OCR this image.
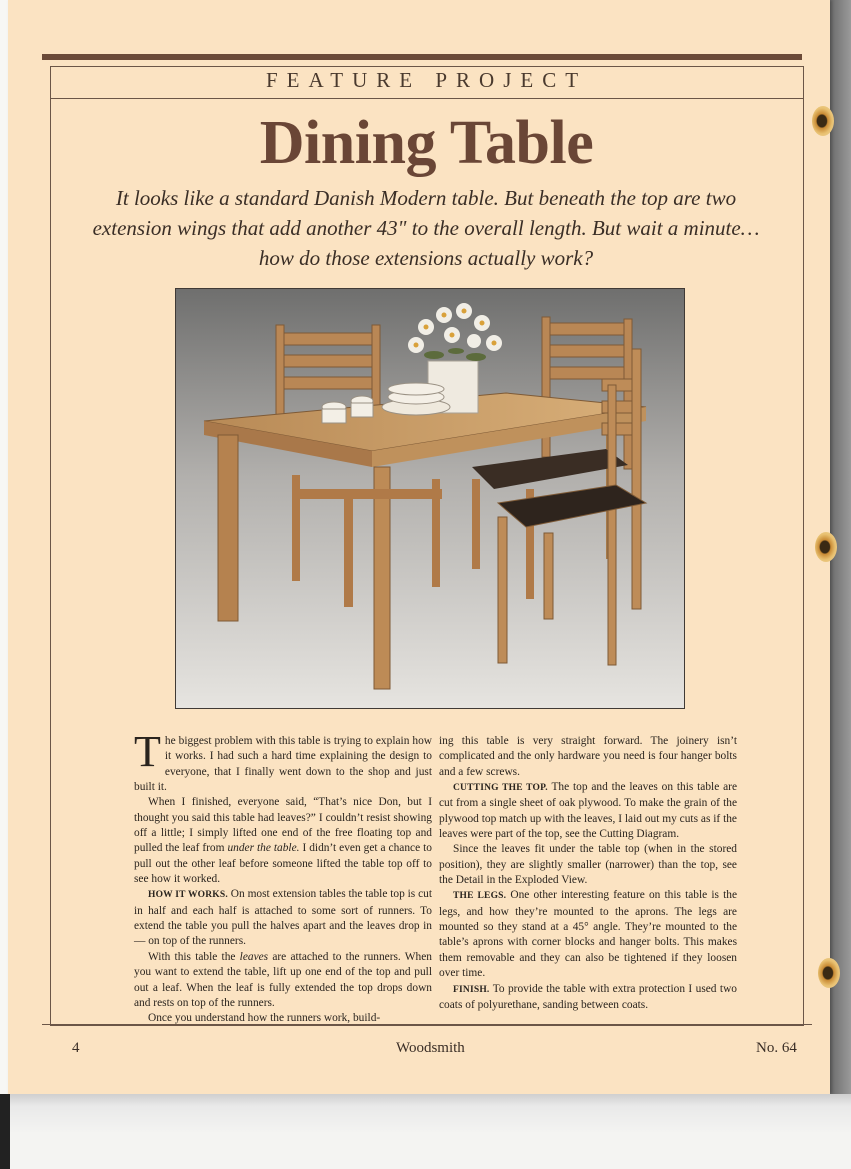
FEATURE PROJECT
Dining Table
It looks like a standard Danish Modern table. But beneath the top are two extension wings that add another 43" to the overall length. But wait a minute… how do those extensions actually work?

The biggest problem with this table is trying to explain how it works. I had such a hard time explaining the design to everyone, that I finally went down to the shop and just built it.

When I finished, everyone said, “That’s nice Don, but I thought you said this table had leaves?” I couldn’t resist showing off a little; I simply lifted one end of the free floating top and pulled the leaf from under the table. I didn’t even get a chance to pull out the other leaf before someone lifted the table top off to see how it worked.

HOW IT WORKS. On most extension tables the table top is cut in half and each half is attached to some sort of runners. To extend the table you pull the halves apart and the leaves drop in — on top of the runners.

With this table the leaves are attached to the runners. When you want to extend the table, lift up one end of the top and pull out a leaf. When the leaf is fully extended the top drops down and rests on top of the runners.

Once you understand how the runners work, build-

ing this table is very straight forward. The joinery isn’t complicated and the only hardware you need is four hanger bolts and a few screws.

CUTTING THE TOP. The top and the leaves on this table are cut from a single sheet of oak plywood. To make the grain of the plywood top match up with the leaves, I laid out my cuts as if the leaves were part of the top, see the Cutting Diagram.

Since the leaves fit under the table top (when in the stored position), they are slightly smaller (narrower) than the top, see the Detail in the Exploded View.

THE LEGS. One other interesting feature on this table is the legs, and how they’re mounted to the aprons. The legs are mounted so they stand at a 45° angle. They’re mounted to the table’s aprons with corner blocks and hanger bolts. This makes them removable and they can also be tightened if they loosen over time.

FINISH. To provide the table with extra protection I used two coats of polyurethane, sanding between coats.

4	Woodsmith	No. 64
